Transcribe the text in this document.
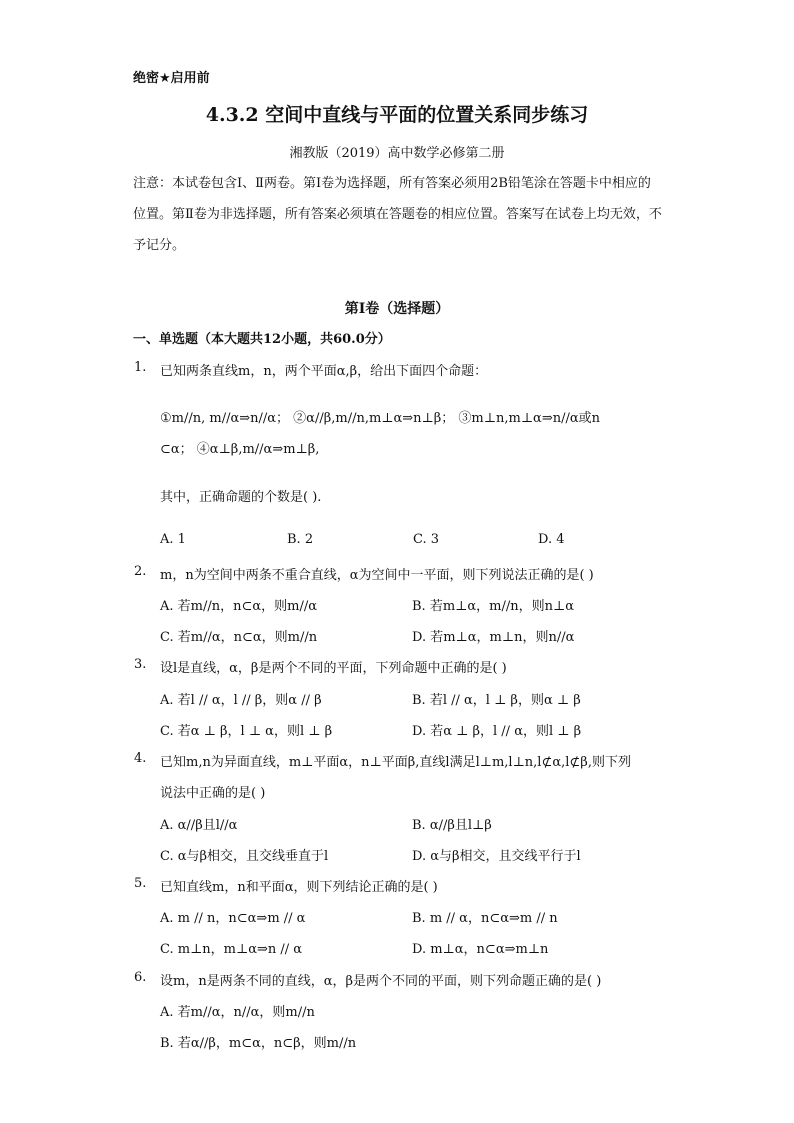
绝密★启用前
4.3.2 空间中直线与平面的位置关系同步练习
湘教版（2019）高中数学必修第二册
注意：本试卷包含Ⅰ、Ⅱ两卷。第Ⅰ卷为选择题，所有答案必须用2B铅笔涂在答题卡中相应的位置。第Ⅱ卷为非选择题，所有答案必须填在答题卷的相应位置。答案写在试卷上均无效，不予记分。
第Ⅰ卷（选择题）
一、单选题（本大题共12小题，共60.0分）
1. 已知两条直线m，n，两个平面α,β，给出下面四个命题：
①m//n, m//α⇒n//α； ②α//β,m//n,m⊥α⇒n⊥β； ③m⊥n,m⊥α⇒n//α或n
⊂α； ④α⊥β,m//α⇒m⊥β,
其中，正确命题的个数是( ).
A. 1	B. 2	C. 3	D. 4
2. m，n为空间中两条不重合直线，α为空间中一平面，则下列说法正确的是( )
A. 若m//n，n⊂α，则m//α	B. 若m⊥α，m//n，则n⊥α
C. 若m//α，n⊂α，则m//n	D. 若m⊥α，m⊥n，则n//α
3. 设l是直线，α，β是两个不同的平面，下列命题中正确的是( )
A. 若l // α，l // β，则α // β	B. 若l // α，l ⊥ β，则α ⊥ β
C. 若α ⊥ β，l ⊥ α，则l ⊥ β	D. 若α ⊥ β，l // α，则l ⊥ β
4. 已知m,n为异面直线，m⊥平面α，n⊥平面β,直线l满足l⊥m,l⊥n,l⊄α,l⊄β,则下列
说法中正确的是( )
A. α//β且l//α	B. α//β且l⊥β
C. α与β相交，且交线垂直于l	D. α与β相交，且交线平行于l
5. 已知直线m，n和平面α，则下列结论正确的是( )
A. m // n，n⊂α⇒m // α	B. m // α，n⊂α⇒m // n
C. m⊥n，m⊥α⇒n // α	D. m⊥α，n⊂α⇒m⊥n
6. 设m，n是两条不同的直线，α，β是两个不同的平面，则下列命题正确的是( )
A. 若m//α，n//α，则m//n
B. 若α//β，m⊂α，n⊂β，则m//n
